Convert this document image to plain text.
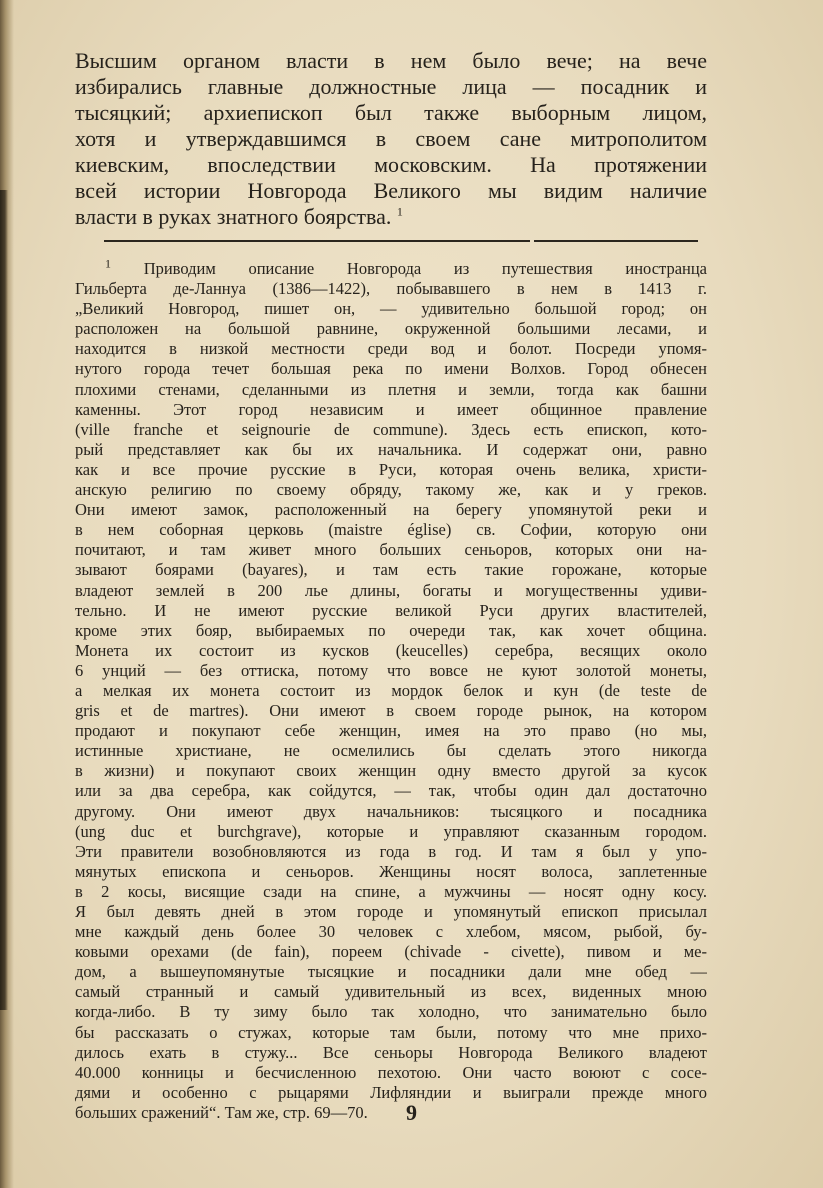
Высшим органом власти в нем было вече; на вече
избирались главные должностные лица — посадник и
тысяцкий; архиепископ был также выборным лицом,
хотя и утверждавшимся в своем сане митрополитом
киевским, впоследствии московским. На протяжении
всей истории Новгорода Великого мы видим наличие
власти в руках знатного боярства. $^1$
$^1$ Приводим описание Новгорода из путешествия иностранца
Гильберта де-Ланнуа (1386—1422), побывавшего в нем в 1413 г.
„Великий Новгород, пишет он, — удивительно большой город; он
расположен на большой равнине, окруженной большими лесами, и
находится в низкой местности среди вод и болот. Посреди упомя-
нутого города течет большая река по имени Волхов. Город обнесен
плохими стенами, сделанными из плетня и земли, тогда как башни
каменны. Этот город независим и имеет общинное правление
(ville franche et seignourie de commune). Здесь есть епископ, кото-
рый представляет как бы их начальника. И содержат они, равно
как и все прочие русские в Руси, которая очень велика, христи-
анскую религию по своему обряду, такому же, как и у греков.
Они имеют замок, расположенный на берегу упомянутой реки и
в нем соборная церковь (maistre église) св. Софии, которую они
почитают, и там живет много больших сеньоров, которых они на-
зывают боярами (bayares), и там есть такие горожане, которые
владеют землей в 200 лье длины, богаты и могущественны удиви-
тельно. И не имеют русские великой Руси других властителей,
кроме этих бояр, выбираемых по очереди так, как хочет община.
Монета их состоит из кусков (keucelles) серебра, весящих около
6 унций — без оттиска, потому что вовсе не куют золотой монеты,
а мелкая их монета состоит из мордок белок и кун (de teste de
gris et de martres). Они имеют в своем городе рынок, на котором
продают и покупают себе женщин, имея на это право (но мы,
истинные христиане, не осмелились бы сделать этого никогда
в жизни) и покупают своих женщин одну вместо другой за кусок
или за два серебра, как сойдутся, — так, чтобы один дал достаточно
другому. Они имеют двух начальников: тысяцкого и посадника
(ung duc et burchgrave), которые и управляют сказанным городом.
Эти правители возобновляются из года в год. И там я был у упо-
мянутых епископа и сеньоров. Женщины носят волоса, заплетенные
в 2 косы, висящие сзади на спине, а мужчины — носят одну косу.
Я был девять дней в этом городе и упомянутый епископ присылал
мне каждый день более 30 человек с хлебом, мясом, рыбой, бу-
ковыми орехами (de fain), пореем (chivade - civette), пивом и ме-
дом, а вышеупомянутые тысяцкие и посадники дали мне обед —
самый странный и самый удивительный из всех, виденных мною
когда-либо. В ту зиму было так холодно, что занимательно было
бы рассказать о стужах, которые там были, потому что мне прихо-
дилось ехать в стужу... Все сеньоры Новгорода Великого владеют
40.000 конницы и бесчисленною пехотою. Они часто воюют с сосе-
дями и особенно с рыцарями Лифляндии и выиграли прежде много
больших сражений“. Там же, стр. 69—70.	9
